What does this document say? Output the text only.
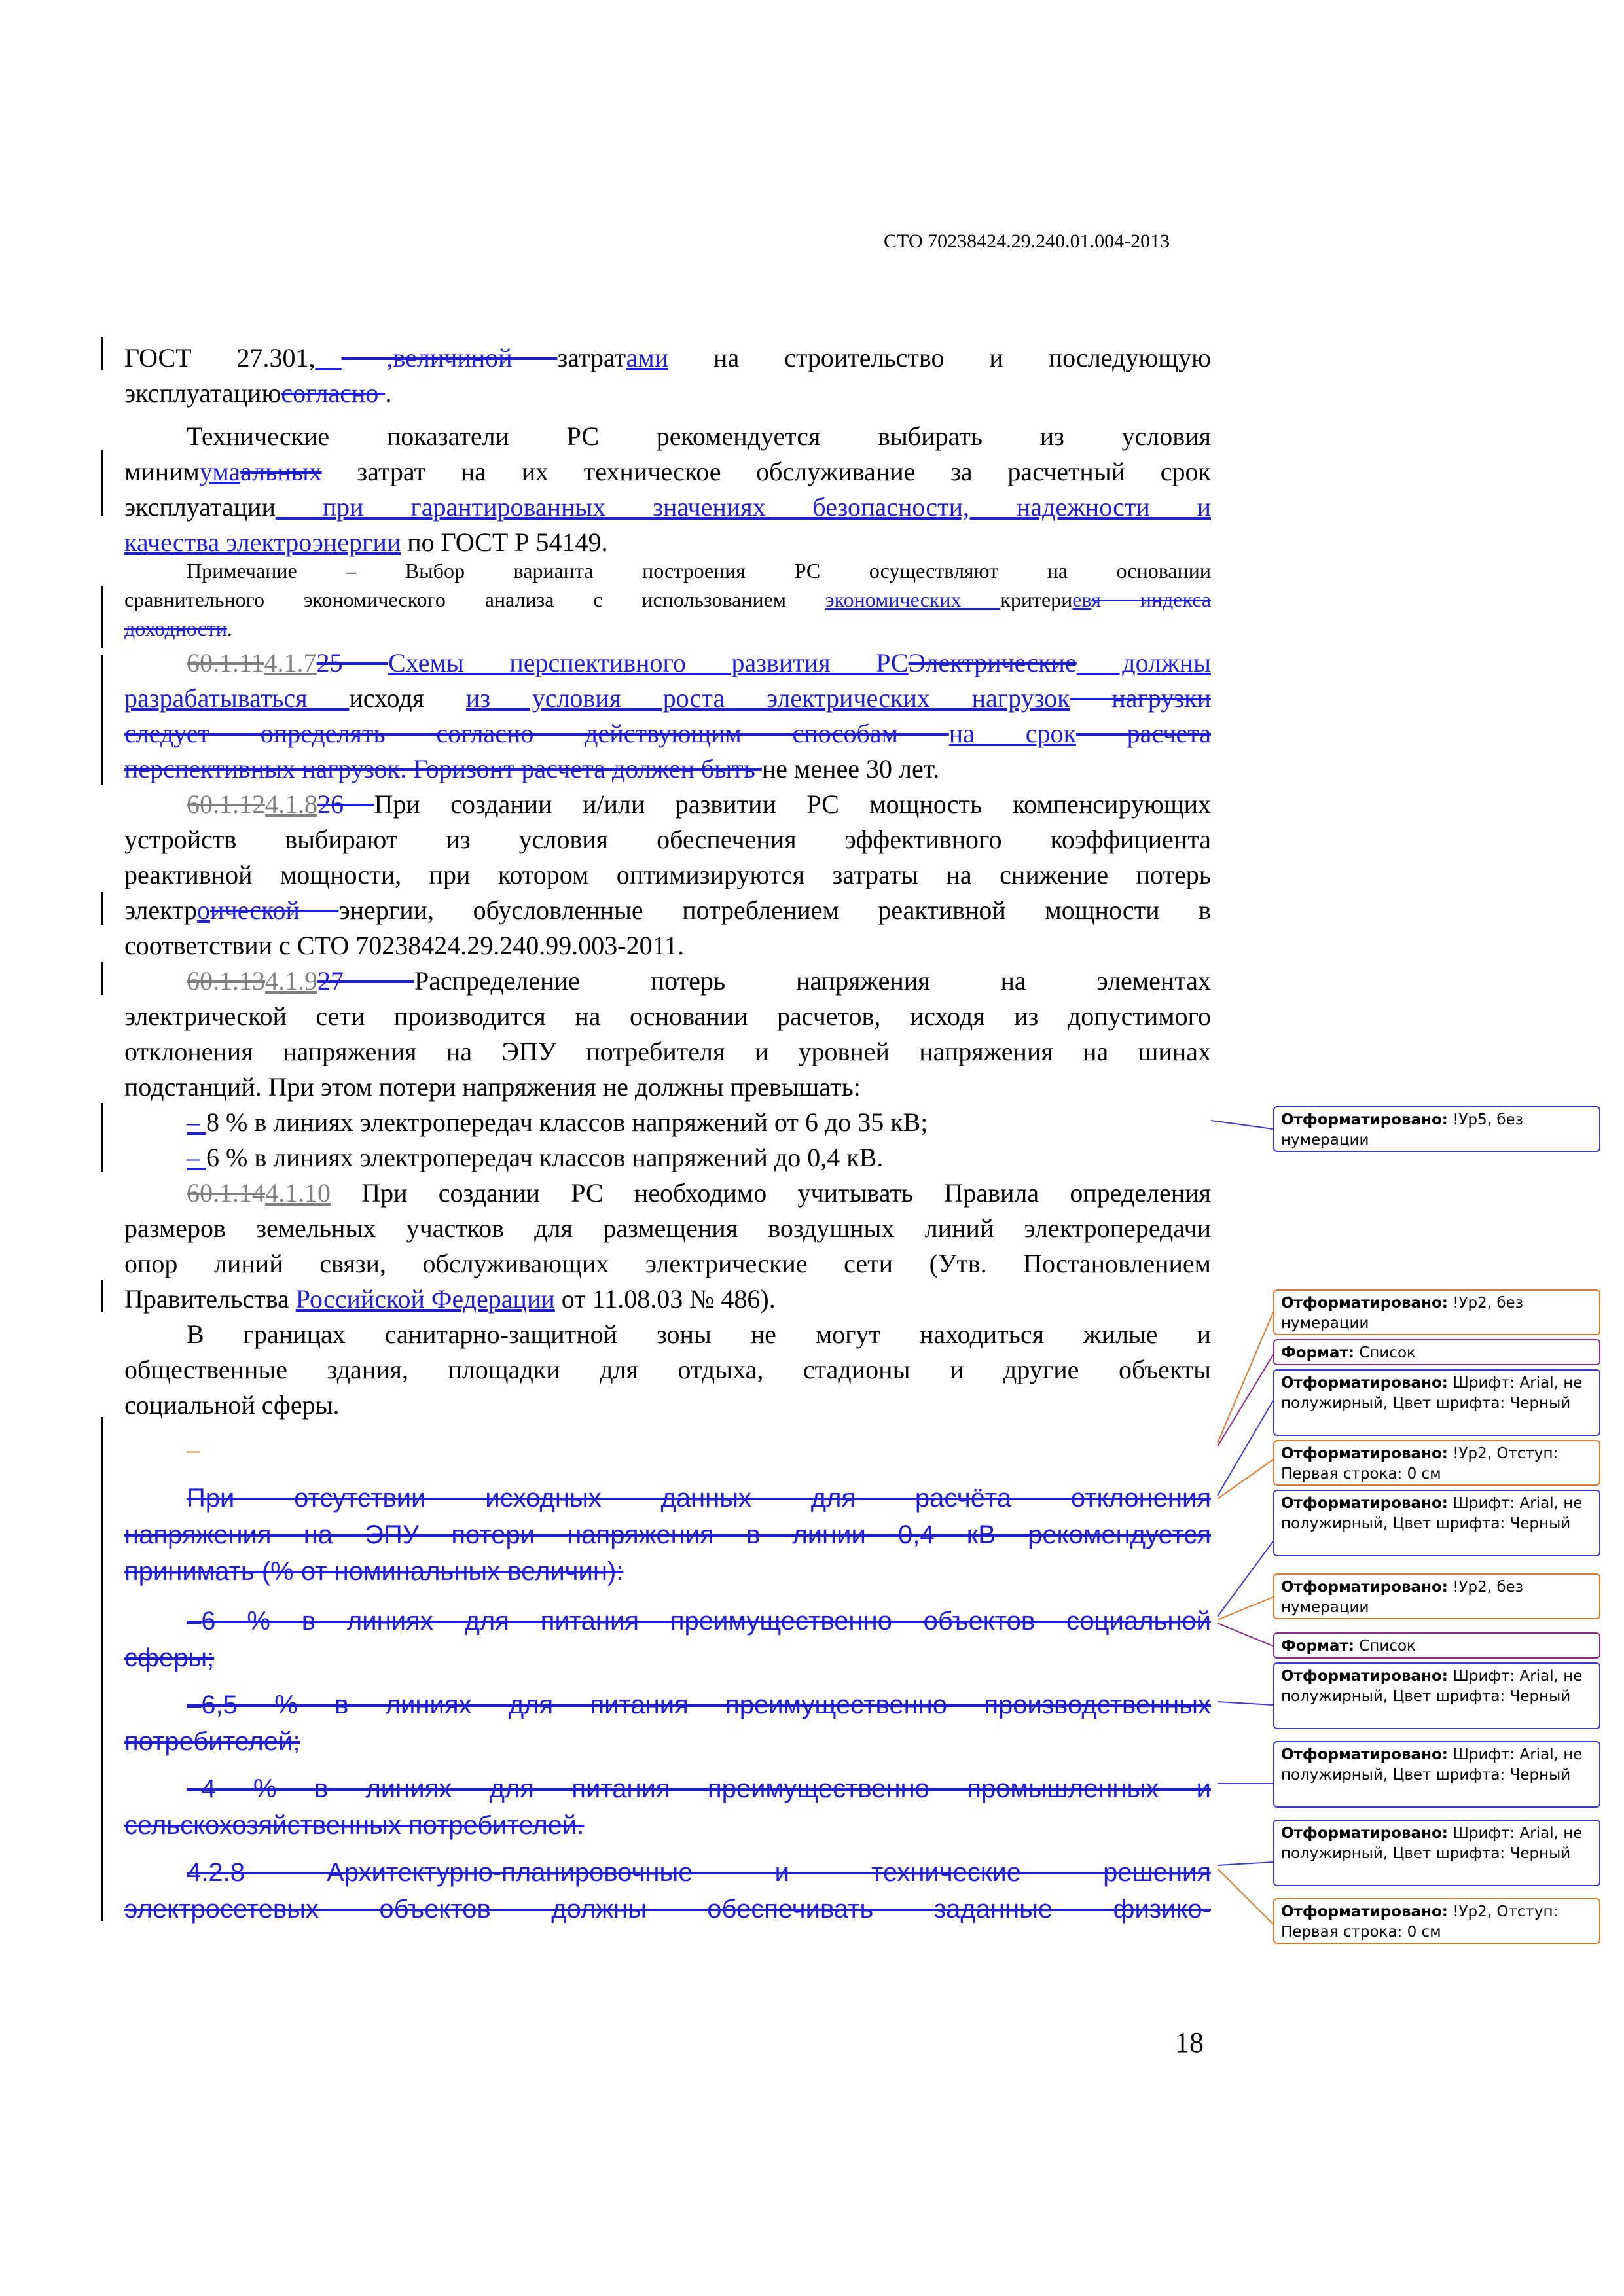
СТО 70238424.29.240.01.004-2013
ГОСТ 27.301,__ ,величиной затратами на строительство и последующую
эксплуатациюсогласно .
Технические показатели РС рекомендуется выбирать из условия
минимумаальных затрат на их техническое обслуживание за расчетный срок
эксплуатации при гарантированных значениях безопасности, надежности и
качества электроэнергии по ГОСТ Р 54149.
Примечание – Выбор варианта построения РС осуществляют на основании
сравнительного экономического анализа с использованием экономических критериевя индекса
доходности.
60.1.114.1.725 Схемы перспективного развития РСЭлектрические должны
разрабатываться исходя из условия роста электрических нагрузок нагрузки
следует определять согласно действующим способам на срок расчета
перспективных нагрузок. Горизонт расчета должен быть не менее 30 лет.
60.1.124.1.826 При создании и/или развитии РС мощность компенсирующих
устройств выбирают из условия обеспечения эффективного коэффициента
реактивной мощности, при котором оптимизируются затраты на снижение потерь
электроической энергии, обусловленные потреблением реактивной мощности в
соответствии с СТО 70238424.29.240.99.003-2011.
60.1.134.1.927 Распределение потерь напряжения на элементах
электрической сети производится на основании расчетов, исходя из допустимого
отклонения напряжения на ЭПУ потребителя и уровней напряжения на шинах
подстанций. При этом потери напряжения не должны превышать:
– 8 % в линиях электропередач классов напряжений от 6 до 35 кВ;
– 6 % в линиях электропередач классов напряжений до 0,4 кВ.
60.1.144.1.10 При создании РС необходимо учитывать Правила определения
размеров земельных участков для размещения воздушных линий электропередачи
опор линий связи, обслуживающих электрические сети (Утв. Постановлением
Правительства Российской Федерации от 11.08.03 № 486).
В границах санитарно-защитной зоны не могут находиться жилые и
общественные здания, площадки для отдыха, стадионы и другие объекты
социальной сферы.
–
При отсутствии исходных данных для расчёта отклонения
напряжения на ЭПУ потери напряжения в линии 0,4 кВ рекомендуется
принимать (% от номинальных величин):
–6 % в линиях для питания преимущественно объектов социальной
сферы;
–6,5 % в линиях для питания преимущественно производственных
потребителей;
–4 % в линиях для питания преимущественно промышленных и
сельскохозяйственных потребителей.
4.2.8 Архитектурно-планировочные и технические решения
электросетевых объектов должны обеспечивать заданные физико-
Отформатировано: !Ур5, без нумерации
Отформатировано: !Ур2, без нумерации
Формат: Список
Отформатировано: Шрифт: Arial, не полужирный, Цвет шрифта: Черный
Отформатировано: !Ур2, Отступ: Первая строка: 0 см
Отформатировано: Шрифт: Arial, не полужирный, Цвет шрифта: Черный
Отформатировано: !Ур2, без нумерации
Формат: Список
Отформатировано: Шрифт: Arial, не полужирный, Цвет шрифта: Черный
Отформатировано: Шрифт: Arial, не полужирный, Цвет шрифта: Черный
Отформатировано: Шрифт: Arial, не полужирный, Цвет шрифта: Черный
Отформатировано: !Ур2, Отступ: Первая строка: 0 см
18
